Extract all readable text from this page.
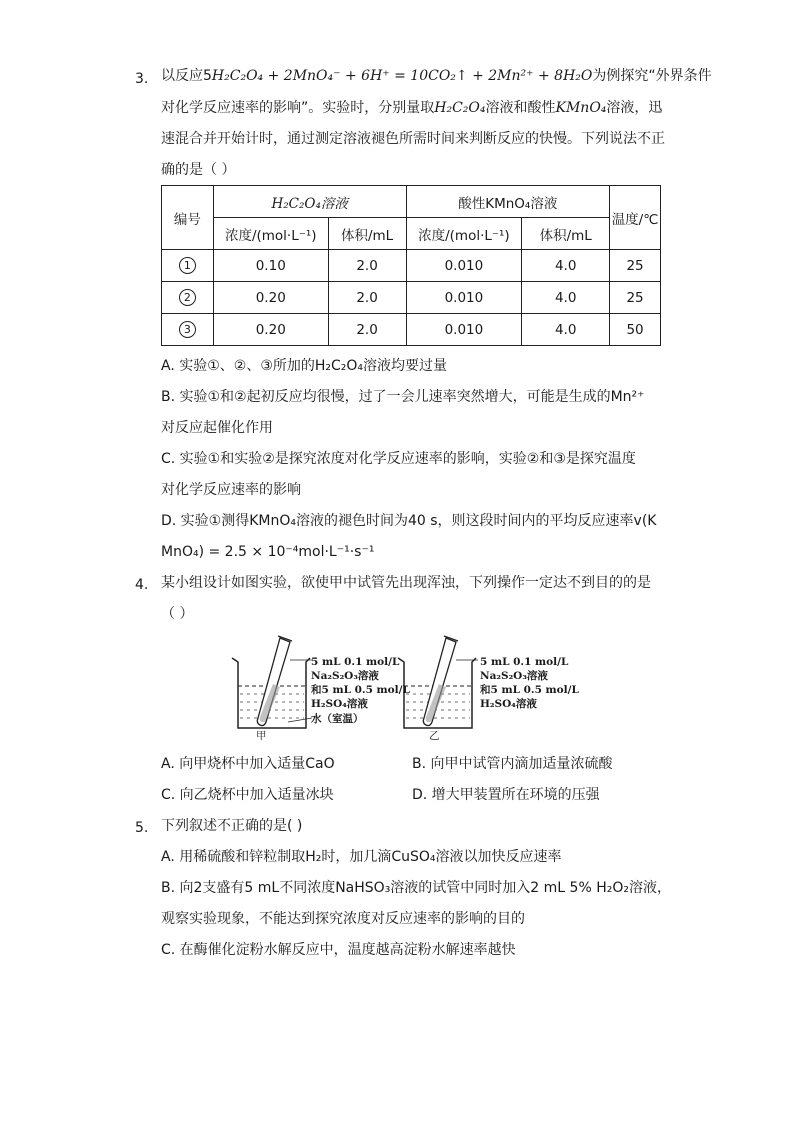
3. 以反应5H₂C₂O₄ + 2MnO₄⁻ + 6H⁺ = 10CO₂↑ + 2Mn²⁺ + 8H₂O为例探究“外界条件
对化学反应速率的影响”。实验时，分别量取H₂C₂O₄溶液和酸性KMnO₄溶液，迅
速混合并开始计时，通过测定溶液褪色所需时间来判断反应的快慢。下列说法不正
确的是（ ）
编号	H₂C₂O₄溶液		酸性KMnO₄溶液		温度/℃
	浓度/(mol·L⁻¹)	体积/mL	浓度/(mol·L⁻¹)	体积/mL	
1	0.10	2.0	0.010	4.0	25
2	0.20	2.0	0.010	4.0	25
3	0.20	2.0	0.010	4.0	50
A. 实验①、②、③所加的H₂C₂O₄溶液均要过量
B. 实验①和②起初反应均很慢，过了一会儿速率突然增大，可能是生成的Mn²⁺
对反应起催化作用
C. 实验①和实验②是探究浓度对化学反应速率的影响，实验②和③是探究温度
对化学反应速率的影响
D. 实验①测得KMnO₄溶液的褪色时间为40 s，则这段时间内的平均反应速率v(K
MnO₄) = 2.5 × 10⁻⁴mol·L⁻¹·s⁻¹
4. 某小组设计如图实验，欲使甲中试管先出现浑浊，下列操作一定达不到目的的是
（ ）
5 mL 0.1 mol/L
Na₂S₂O₃溶液
和5 mL 0.5 mol/L
H₂SO₄溶液
水（室温）
甲
5 mL 0.1 mol/L
Na₂S₂O₃溶液
和5 mL 0.5 mol/L
H₂SO₄溶液
乙
A. 向甲烧杯中加入适量CaO	B. 向甲中试管内滴加适量浓硫酸
C. 向乙烧杯中加入适量冰块	D. 增大甲装置所在环境的压强
5. 下列叙述不正确的是( )
A. 用稀硫酸和锌粒制取H₂时，加几滴CuSO₄溶液以加快反应速率
B. 向2支盛有5 mL不同浓度NaHSO₃溶液的试管中同时加入2 mL 5% H₂O₂溶液，
观察实验现象，不能达到探究浓度对反应速率的影响的目的
C. 在酶催化淀粉水解反应中，温度越高淀粉水解速率越快
